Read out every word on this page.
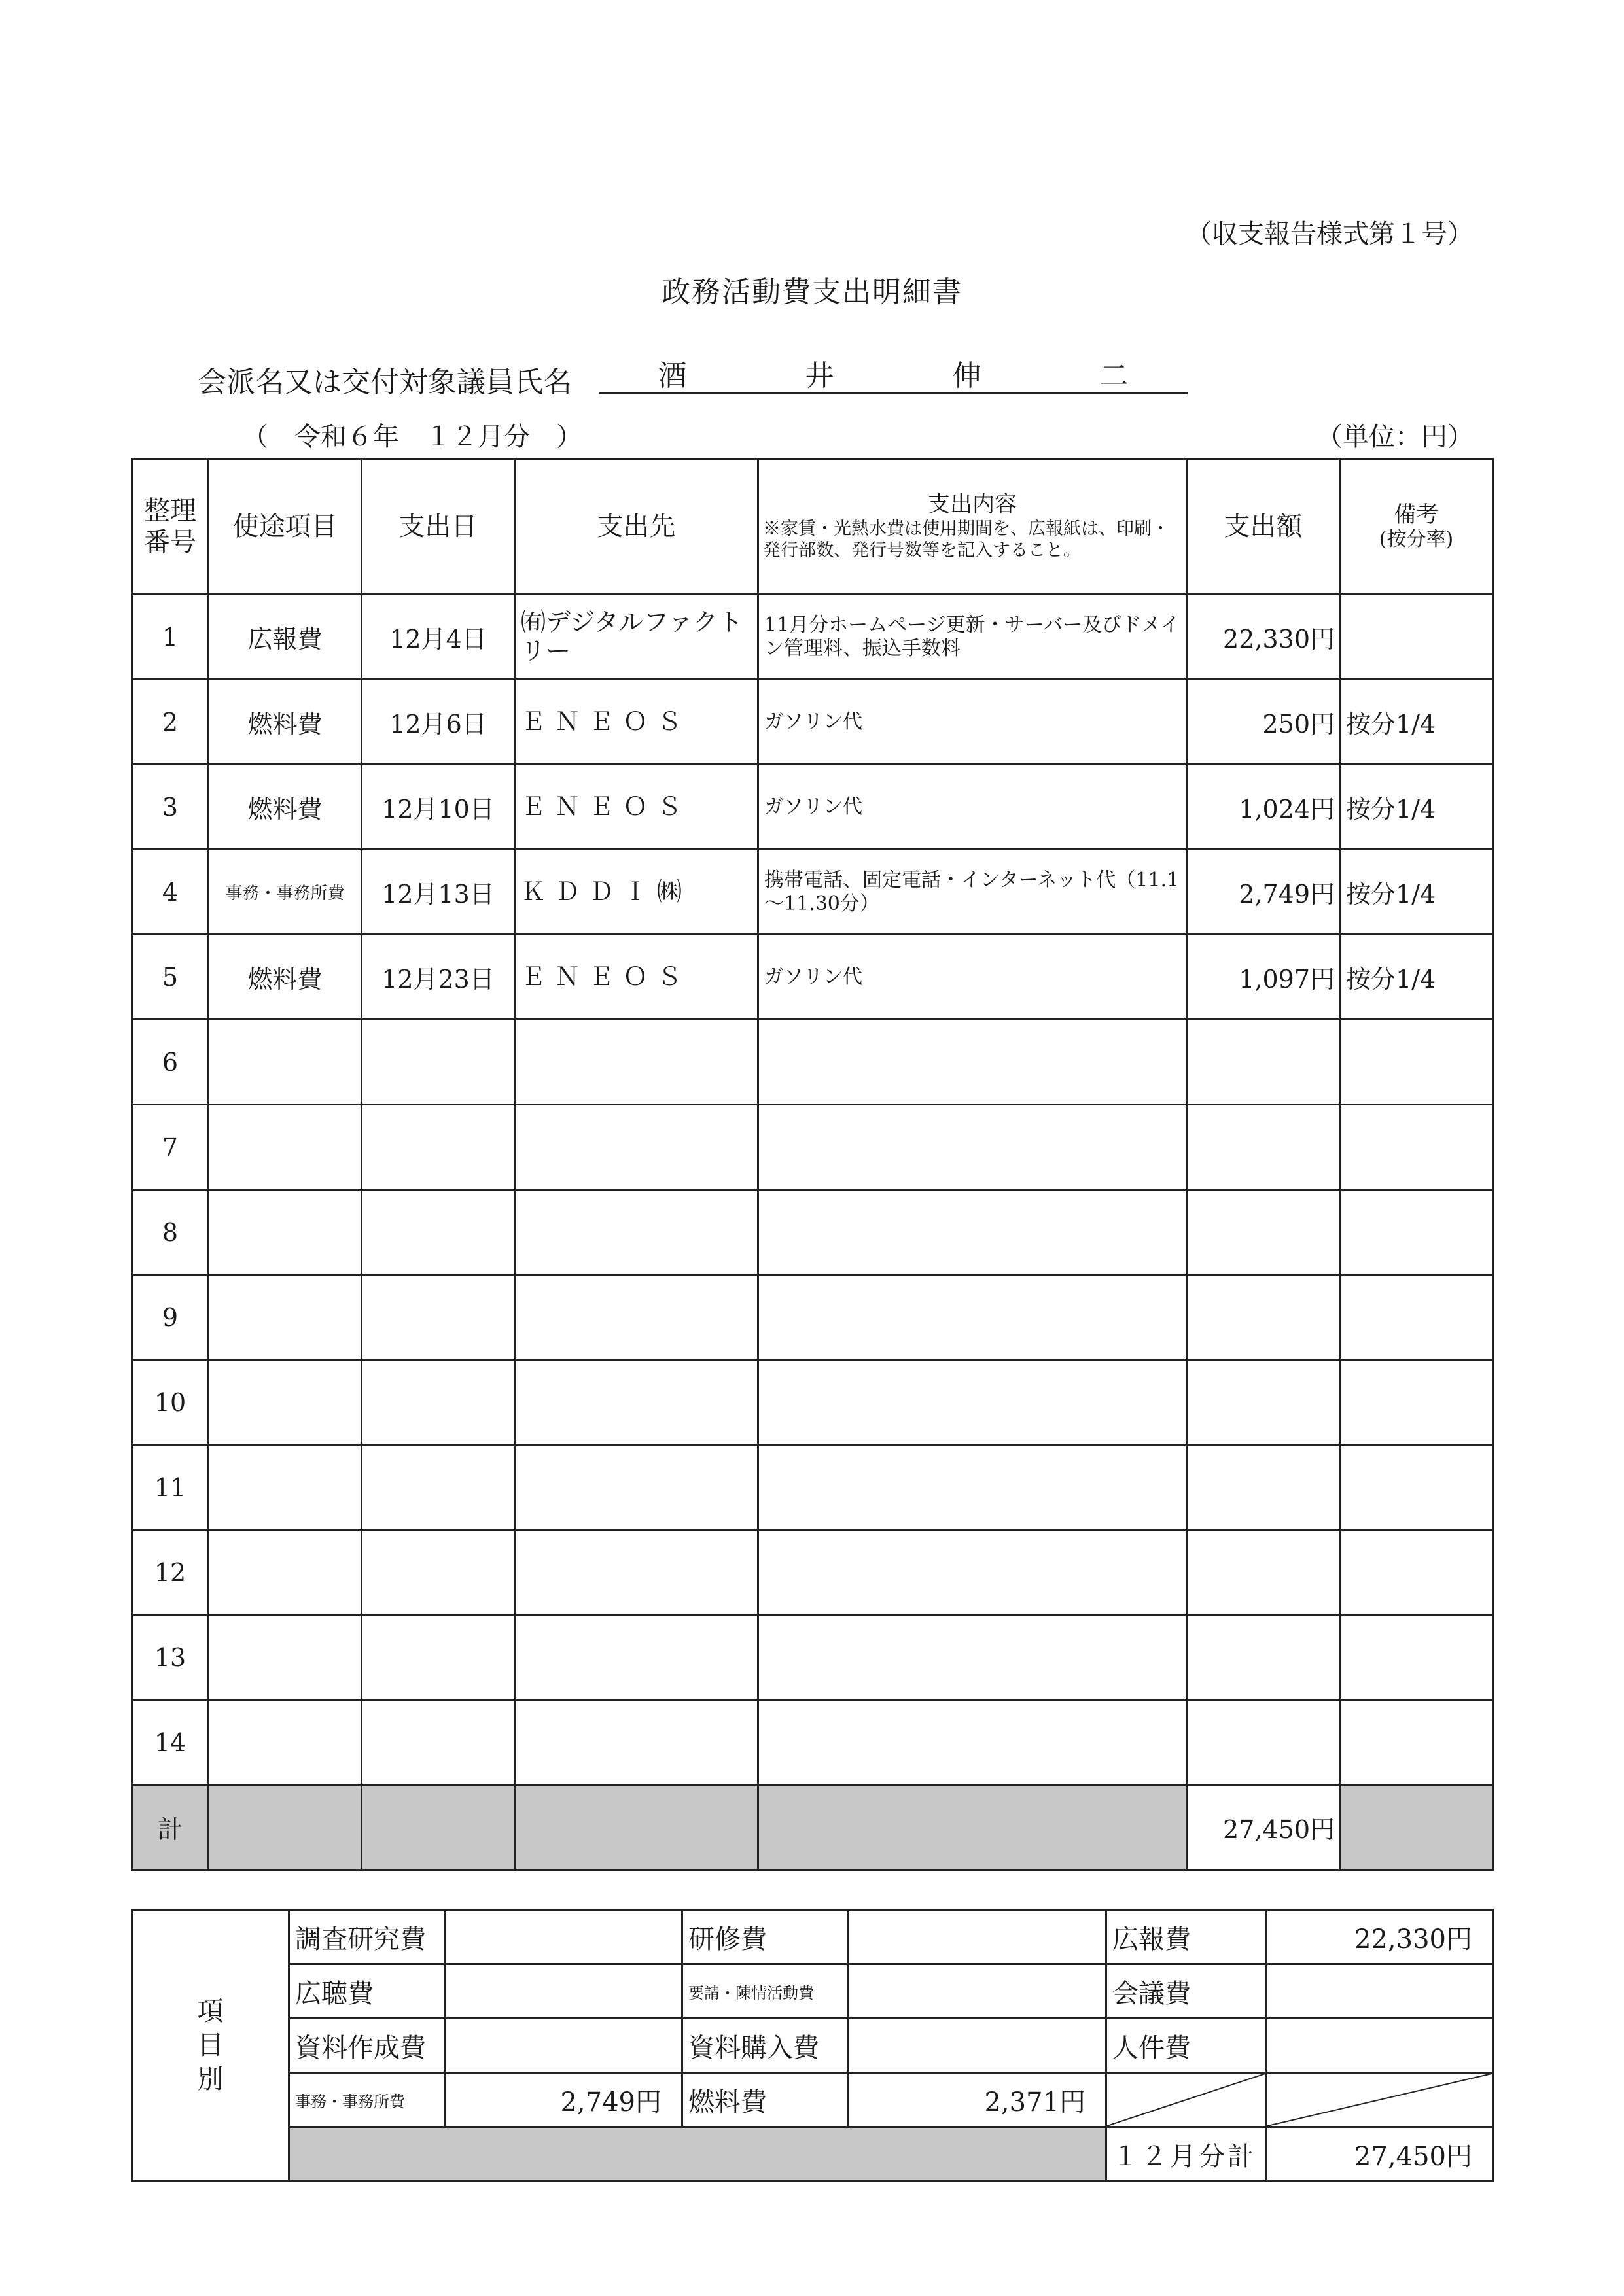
（収支報告様式第１号）
政務活動費支出明細書
会派名又は交付対象議員氏名	酒	井	伸	二
（　令和６年　１２月分　）	（単位：円）
整理
番号	使途項目	支出日	支出先	支出内容
※家賃・光熱水費は使用期間を、広報紙は、印刷・発行部数、発行号数等を記入すること。	支出額	備考
(按分率)

1	広報費	12月4日	㈲デジタルファクトリー	11月分ホームページ更新・サーバー及びドメイン管理料、振込手数料	22,330円	
2	燃料費	12月6日	ＥＮＥＯＳ	ガソリン代	250円	按分1/4
3	燃料費	12月10日	ＥＮＥＯＳ	ガソリン代	1,024円	按分1/4
4	事務・事務所費	12月13日	ＫＤＤＩ㈱	携帯電話、固定電話・インターネット代（11.1～11.30分）	2,749円	按分1/4
5	燃料費	12月23日	ＥＮＥＯＳ	ガソリン代	1,097円	按分1/4
6						
7						
8						
9						
10						
11						
12						
13						
14						
計					27,450円	
項
目
別	調査研究費		研修費		広報費	22,330円
	広聴費		要請・陳情活動費		会議費	
	資料作成費		資料購入費		人件費	
	事務・事務所費	2,749円	燃料費	2,371円	

					１２月分計	27,450円
